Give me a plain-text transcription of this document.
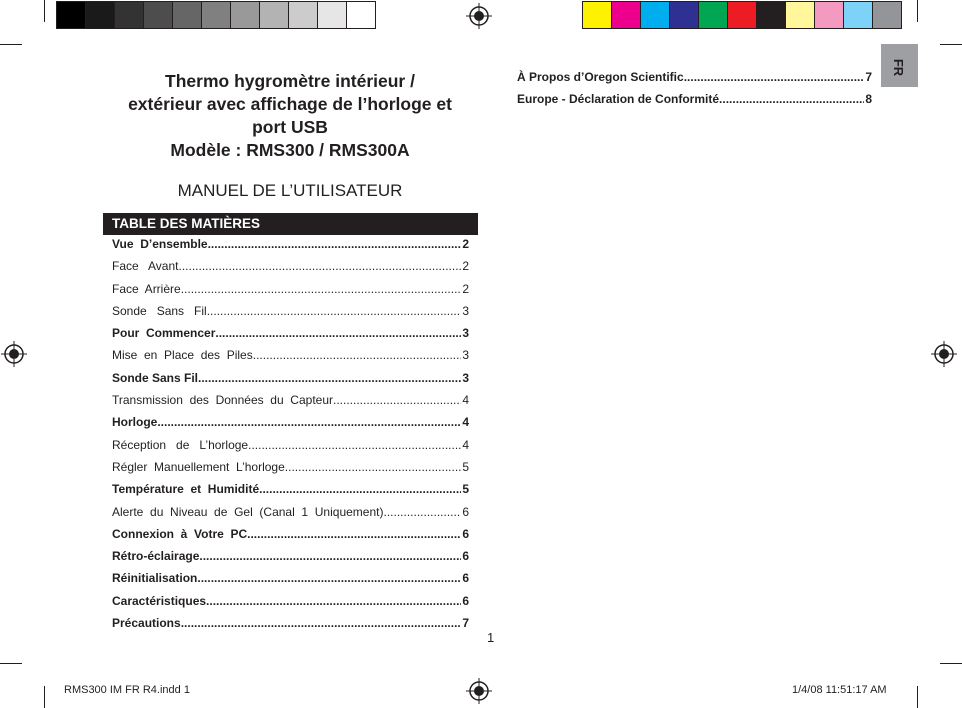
FR
Thermo hygromètre intérieur /
extérieur avec affichage de l’horloge et
port USB
Modèle : RMS300 / RMS300A
MANUEL DE L’UTILISATEUR
TABLE DES MATIÈRES
Vue  D’ensemble .....	2
Face   Avant .....	2
Face  Arrière .....	2
Sonde   Sans   Fil .....	3
Pour  Commencer .....	3
Mise  en  Place  des  Piles .....	3
Sonde Sans Fil .....	3
Transmission  des  Données  du  Capteur .....	4
Horloge .....	4
Réception   de   L’horloge .....	4
Régler  Manuellement  L’horloge .....	5
Température  et  Humidité .....	5
Alerte  du  Niveau  de  Gel  (Canal  1  Uniquement) .....	6
Connexion  à  Votre  PC .....	6
Rétro-éclairage .....	6
Réinitialisation .....	6
Caractéristiques .....	6
Précautions .....	7
À Propos d’Oregon Scientific .....	7
Europe - Déclaration de Conformité .....	8
1
RMS300 IM FR R4.indd 1	1/4/08 11:51:17 AM
